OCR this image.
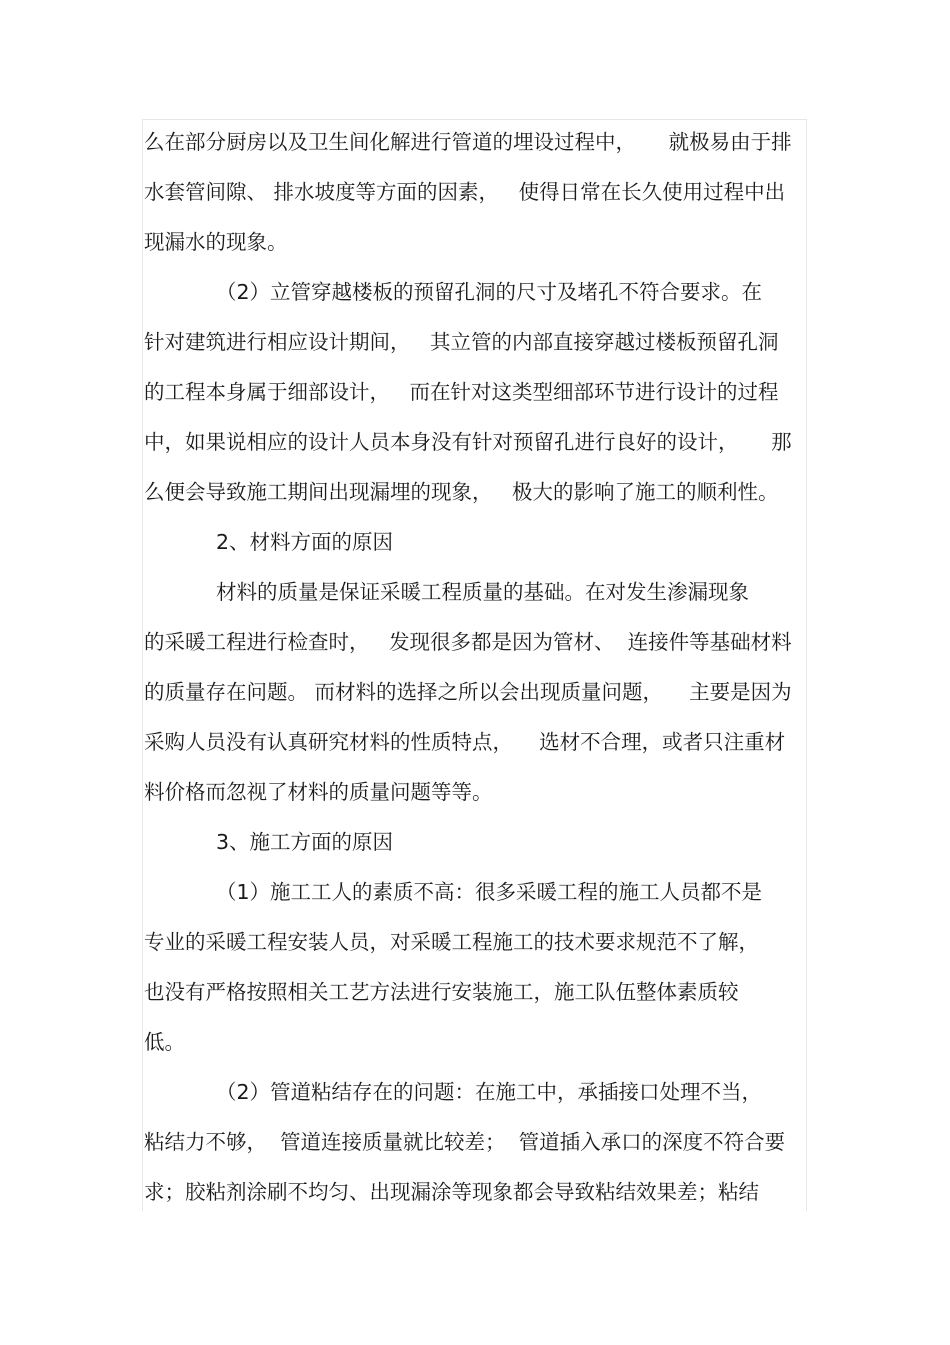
么在部分厨房以及卫生间化解进行管道的埋设过程中，     就极易由于排
水套管间隙、 排水坡度等方面的因素，   使得日常在长久使用过程中出
现漏水的现象。
（2）立管穿越楼板的预留孔洞的尺寸及堵孔不符合要求。在
针对建筑进行相应设计期间，   其立管的内部直接穿越过楼板预留孔洞
的工程本身属于细部设计，   而在针对这类型细部环节进行设计的过程
中，如果说相应的设计人员本身没有针对预留孔进行良好的设计，     那
么便会导致施工期间出现漏埋的现象，   极大的影响了施工的顺利性。
2、材料方面的原因
材料的质量是保证采暖工程质量的基础。在对发生渗漏现象
的采暖工程进行检查时，   发现很多都是因为管材、  连接件等基础材料
的质量存在问题。 而材料的选择之所以会出现质量问题，    主要是因为
采购人员没有认真研究材料的性质特点，    选材不合理，或者只注重材
料价格而忽视了材料的质量问题等等。
3、施工方面的原因
（1）施工工人的素质不高：很多采暖工程的施工人员都不是
专业的采暖工程安装人员，对采暖工程施工的技术要求规范不了解，
也没有严格按照相关工艺方法进行安装施工，施工队伍整体素质较
低。
（2）管道粘结存在的问题：在施工中，承插接口处理不当，
粘结力不够，  管道连接质量就比较差；  管道插入承口的深度不符合要
求；胶粘剂涂刷不均匀、出现漏涂等现象都会导致粘结效果差；粘结
